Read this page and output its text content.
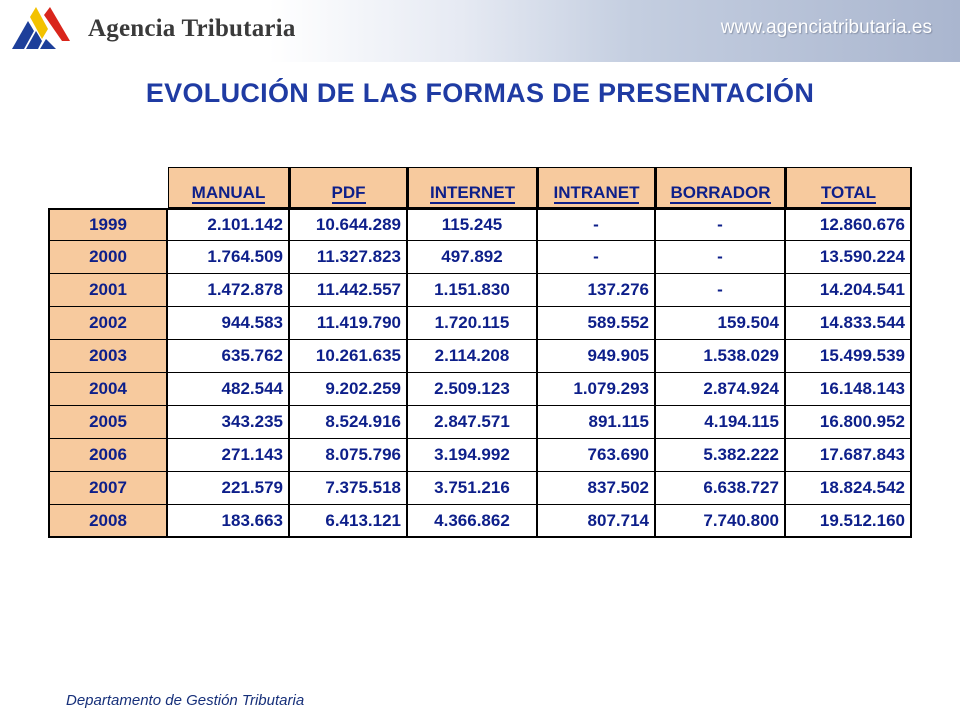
Agencia Tributaria	www.agenciatributaria.es
EVOLUCIÓN DE LAS FORMAS DE PRESENTACIÓN
	MANUAL	PDF	INTERNET	INTRANET	BORRADOR	TOTAL
1999	2.101.142	10.644.289	115.245	-	-	12.860.676
2000	1.764.509	11.327.823	497.892	-	-	13.590.224
2001	1.472.878	11.442.557	1.151.830	137.276	-	14.204.541
2002	944.583	11.419.790	1.720.115	589.552	159.504	14.833.544
2003	635.762	10.261.635	2.114.208	949.905	1.538.029	15.499.539
2004	482.544	9.202.259	2.509.123	1.079.293	2.874.924	16.148.143
2005	343.235	8.524.916	2.847.571	891.115	4.194.115	16.800.952
2006	271.143	8.075.796	3.194.992	763.690	5.382.222	17.687.843
2007	221.579	7.375.518	3.751.216	837.502	6.638.727	18.824.542
2008	183.663	6.413.121	4.366.862	807.714	7.740.800	19.512.160
Departamento de Gestión Tributaria
